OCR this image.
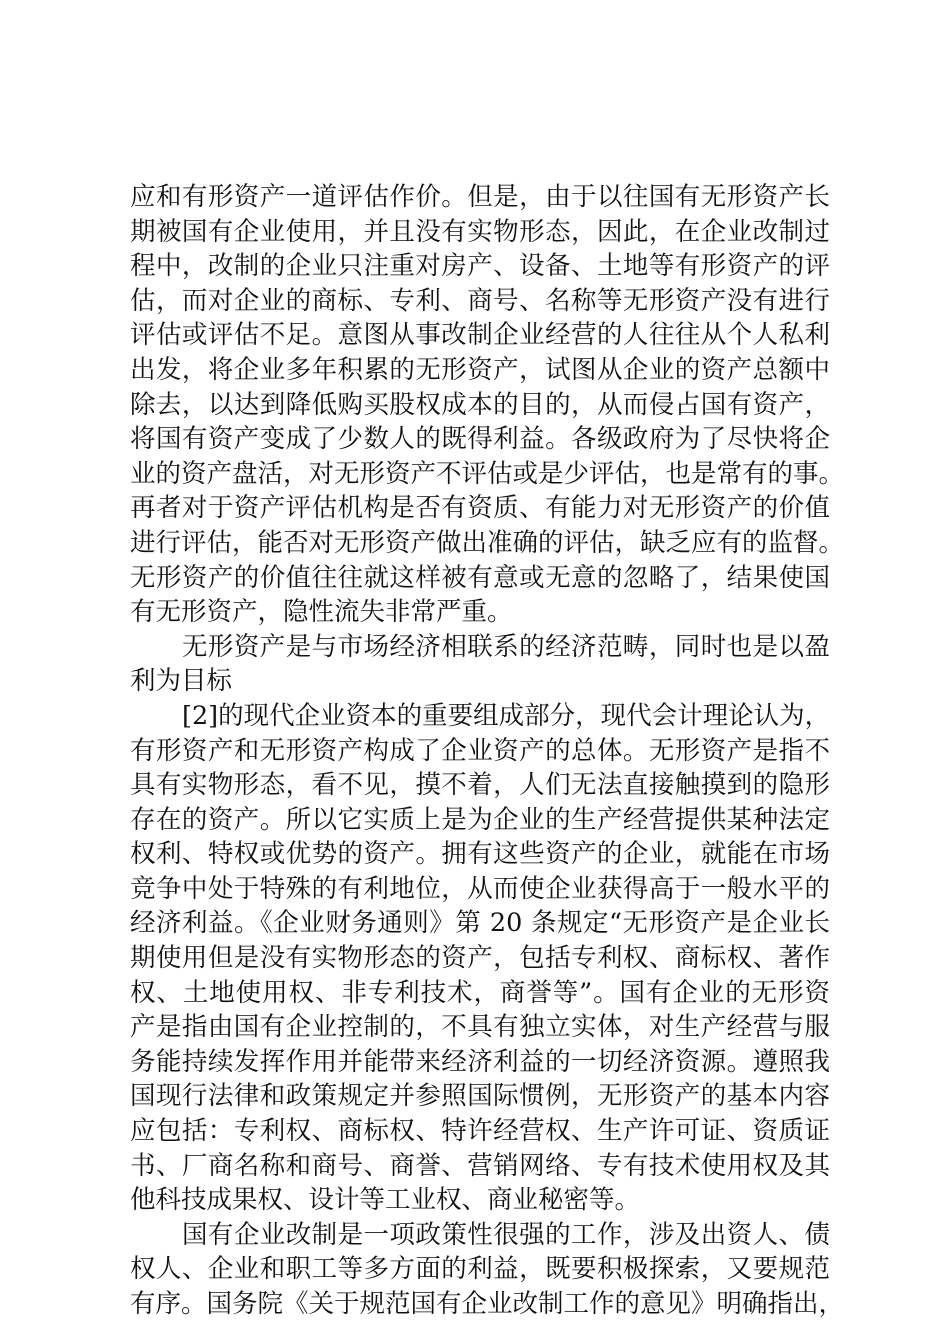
应和有形资产一道评估作价。但是，由于以往国有无形资产长
期被国有企业使用，并且没有实物形态，因此，在企业改制过
程中，改制的企业只注重对房产、设备、土地等有形资产的评
估，而对企业的商标、专利、商号、名称等无形资产没有进行
评估或评估不足。意图从事改制企业经营的人往往从个人私利
出发，将企业多年积累的无形资产，试图从企业的资产总额中
除去，以达到降低购买股权成本的目的，从而侵占国有资产，
将国有资产变成了少数人的既得利益。各级政府为了尽快将企
业的资产盘活，对无形资产不评估或是少评估，也是常有的事。
再者对于资产评估机构是否有资质、有能力对无形资产的价值
进行评估，能否对无形资产做出准确的评估，缺乏应有的监督。
无形资产的价值往往就这样被有意或无意的忽略了，结果使国
有无形资产，隐性流失非常严重。
无形资产是与市场经济相联系的经济范畴，同时也是以盈
利为目标
[2]的现代企业资本的重要组成部分，现代会计理论认为，
有形资产和无形资产构成了企业资产的总体。无形资产是指不
具有实物形态，看不见，摸不着，人们无法直接触摸到的隐形
存在的资产。所以它实质上是为企业的生产经营提供某种法定
权利、特权或优势的资产。拥有这些资产的企业，就能在市场
竞争中处于特殊的有利地位，从而使企业获得高于一般水平的
经济利益。《企业财务通则》第 20 条规定“无形资产是企业长
期使用但是没有实物形态的资产，包括专利权、商标权、著作
权、土地使用权、非专利技术，商誉等”。国有企业的无形资
产是指由国有企业控制的，不具有独立实体，对生产经营与服
务能持续发挥作用并能带来经济利益的一切经济资源。遵照我
国现行法律和政策规定并参照国际惯例，无形资产的基本内容
应包括：专利权、商标权、特许经营权、生产许可证、资质证
书、厂商名称和商号、商誉、营销网络、专有技术使用权及其
他科技成果权、设计等工业权、商业秘密等。
国有企业改制是一项政策性很强的工作，涉及出资人、债
权人、企业和职工等多方面的利益，既要积极探索，又要规范
有序。国务院《关于规范国有企业改制工作的意见》明确指出，
